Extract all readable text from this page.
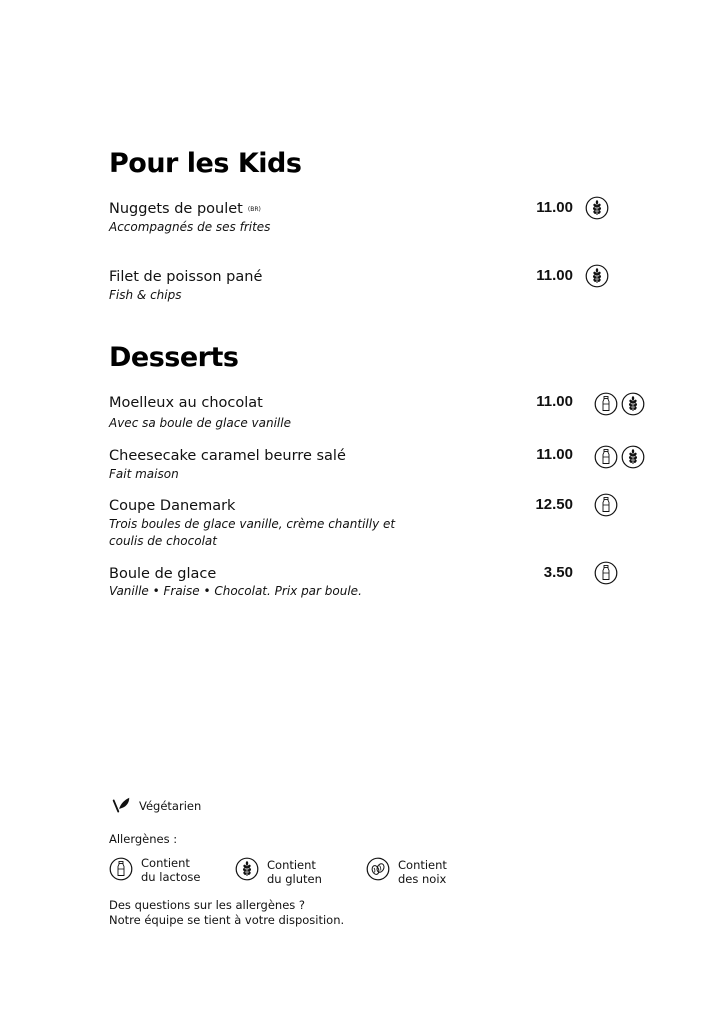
Pour les Kids
Nuggets de poulet $^{(BR)}$
Accompagnés de ses frites
11.00
Filet de poisson pané
Fish & chips
11.00
Desserts
Moelleux au chocolat
Avec sa boule de glace vanille
11.00
Cheesecake caramel beurre salé
Fait maison
11.00
Coupe Danemark
Trois boules de glace vanille, crème chantilly et
coulis de chocolat
12.50
Boule de glace
Vanille • Fraise • Chocolat. Prix par boule.
3.50
Végétarien
Allergènes :
Contient
du lactose
Contient
du gluten
Contient
des noix
Des questions sur les allergènes ?
Notre équipe se tient à votre disposition.
